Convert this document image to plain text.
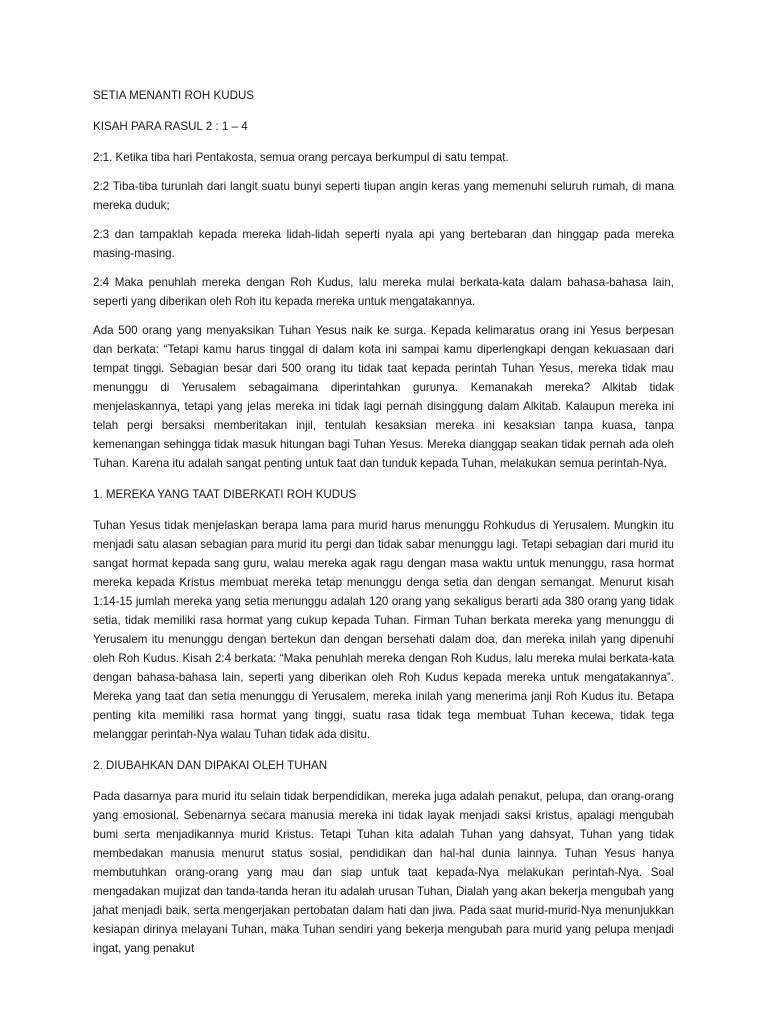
SETIA MENANTI ROH KUDUS

KISAH PARA RASUL 2 : 1 – 4

2:1. Ketika tiba hari Pentakosta, semua orang percaya berkumpul di satu tempat.

2:2 Tiba-tiba turunlah dari langit suatu bunyi seperti tiupan angin keras yang memenuhi seluruh rumah, di mana mereka duduk;

2:3 dan tampaklah kepada mereka lidah-lidah seperti nyala api yang bertebaran dan hinggap pada mereka masing-masing.

2:4 Maka penuhlah mereka dengan Roh Kudus, lalu mereka mulai berkata-kata dalam bahasa-bahasa lain, seperti yang diberikan oleh Roh itu kepada mereka untuk mengatakannya.

Ada 500 orang yang menyaksikan Tuhan Yesus naik ke surga. Kepada kelimaratus orang ini Yesus berpesan dan berkata: “Tetapi kamu harus tinggal di dalam kota ini sampai kamu diperlengkapi dengan kekuasaan dari tempat tinggi. Sebagian besar dari 500 orang itu tidak taat kepada perintah Tuhan Yesus, mereka tidak mau menunggu di Yerusalem sebagaimana diperintahkan gurunya. Kemanakah mereka? Alkitab tidak menjelaskannya, tetapi yang jelas mereka ini tidak lagi pernah disinggung dalam Alkitab. Kalaupun mereka ini telah pergi bersaksi memberitakan injil, tentulah kesaksian mereka ini kesaksian tanpa kuasa, tanpa kemenangan sehingga tidak masuk hitungan bagi Tuhan Yesus. Mereka dianggap seakan tidak pernah ada oleh Tuhan. Karena itu adalah sangat penting untuk taat dan tunduk kepada Tuhan, melakukan semua perintah-Nya.

1. MEREKA YANG TAAT DIBERKATI ROH KUDUS

Tuhan Yesus tidak menjelaskan berapa lama para murid harus menunggu Rohkudus di Yerusalem. Mungkin itu menjadi satu alasan sebagian para murid itu pergi dan tidak sabar menunggu lagi. Tetapi sebagian dari murid itu sangat hormat kepada sang guru, walau mereka agak ragu dengan masa waktu untuk menunggu, rasa hormat mereka kepada Kristus membuat mereka tetap menunggu denga setia dan dengan semangat. Menurut kisah 1:14-15 jumlah mereka yang setia menunggu adalah 120 orang yang sekaligus berarti ada 380 orang yang tidak setia, tidak memiliki rasa hormat yang cukup kepada Tuhan. Firman Tuhan berkata mereka yang menunggu di Yerusalem itu menunggu dengan bertekun dan dengan bersehati dalam doa, dan mereka inilah yang dipenuhi oleh Roh Kudus. Kisah 2:4 berkata: “Maka penuhlah mereka dengan Roh Kudus, lalu mereka mulai berkata-kata dengan bahasa-bahasa lain, seperti yang diberikan oleh Roh Kudus kepada mereka untuk mengatakannya”. Mereka yang taat dan setia menunggu di Yerusalem, mereka inilah yang menerima janji Roh Kudus itu. Betapa penting kita memiliki rasa hormat yang tinggi, suatu rasa tidak tega membuat Tuhan kecewa, tidak tega melanggar perintah-Nya walau Tuhan tidak ada disitu.

2. DIUBAHKAN DAN DIPAKAI OLEH TUHAN

Pada dasarnya para murid itu selain tidak berpendidikan, mereka juga adalah penakut, pelupa, dan orang-orang yang emosional. Sebenarnya secara manusia mereka ini tidak layak menjadi saksi kristus, apalagi mengubah bumi serta menjadikannya murid Kristus. Tetapi Tuhan kita adalah Tuhan yang dahsyat, Tuhan yang tidak membedakan manusia menurut status sosial, pendidikan dan hal-hal dunia lainnya. Tuhan Yesus hanya membutuhkan orang-orang yang mau dan siap untuk taat kepada-Nya melakukan perintah-Nya. Soal mengadakan mujizat dan tanda-tanda heran itu adalah urusan Tuhan, Dialah yang akan bekerja mengubah yang jahat menjadi baik, serta mengerjakan pertobatan dalam hati dan jiwa. Pada saat murid-murid-Nya menunjukkan kesiapan dirinya melayani Tuhan, maka Tuhan sendiri yang bekerja mengubah para murid yang pelupa menjadi ingat, yang penakut
